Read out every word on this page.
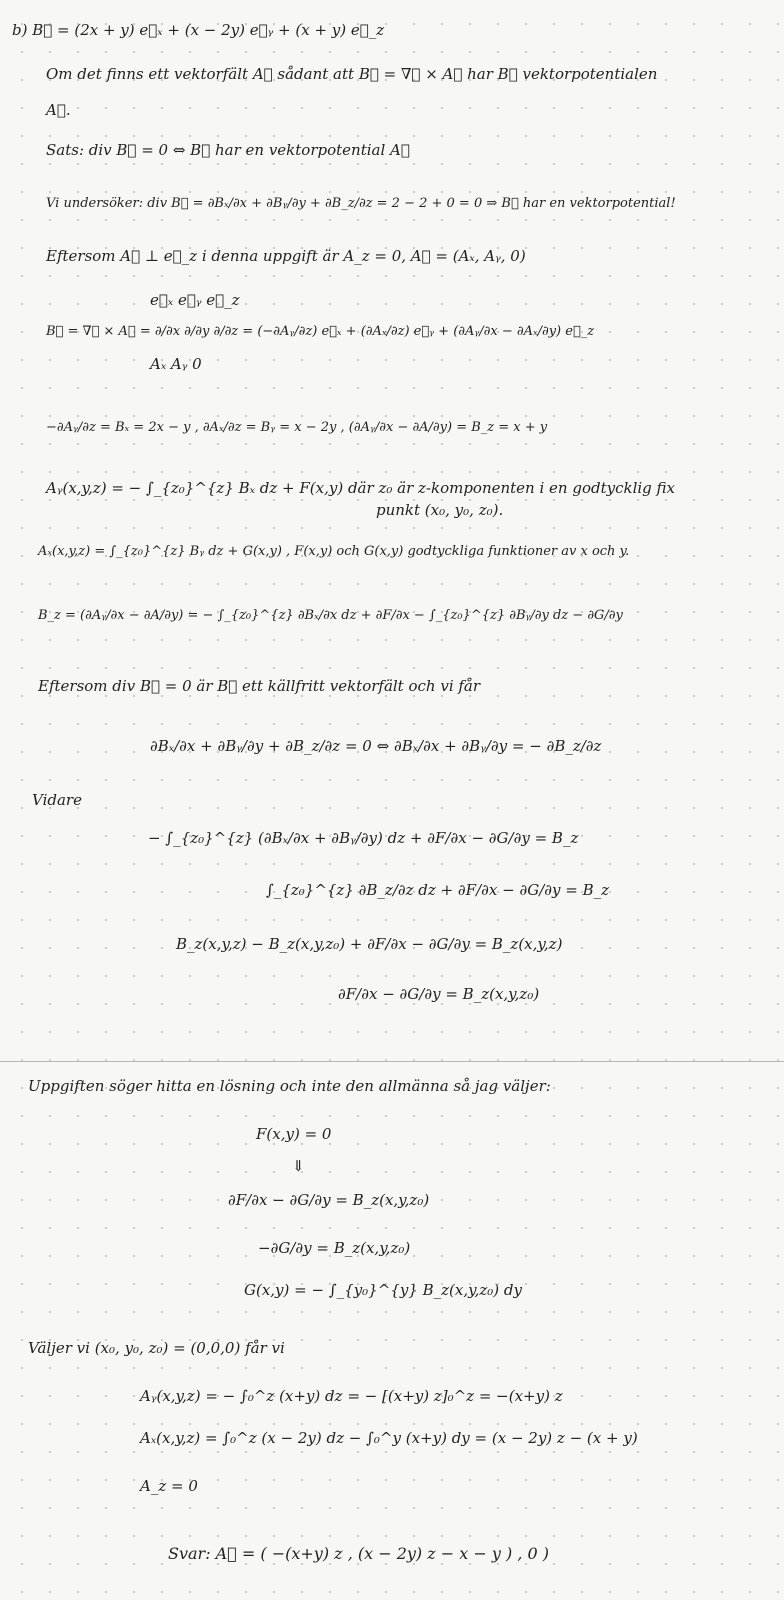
b) B⃗ = (2x + y) e⃗ₓ + (x − 2y) e⃗ᵧ + (x + y) e⃗_z
Om det finns ett vektorfält A⃗ sådant att B⃗ = ∇⃗ × A⃗ har B⃗ vektorpotentialen
A⃗.
Sats: div B⃗ = 0 ⇔ B⃗ har en vektorpotential A⃗
Vi undersöker: div B⃗ = ∂Bₓ/∂x + ∂Bᵧ/∂y + ∂B_z/∂z = 2 − 2 + 0 = 0 ⇒ B⃗ har en vektorpotential!
Eftersom A⃗ ⊥ e⃗_z i denna uppgift är A_z = 0, A⃗ = (Aₓ, Aᵧ, 0)
e⃗ₓ e⃗ᵧ e⃗_z
B⃗ = ∇⃗ × A⃗ = ∂/∂x ∂/∂y ∂/∂z = (−∂Aᵧ/∂z) e⃗ₓ + (∂Aₓ/∂z) e⃗ᵧ + (∂Aᵧ/∂x − ∂Aₓ/∂y) e⃗_z
Aₓ Aᵧ 0
−∂Aᵧ/∂z = Bₓ = 2x − y , ∂Aₓ/∂z = Bᵧ = x − 2y , (∂Aᵧ/∂x − ∂A/∂y) = B_z = x + y
Aᵧ(x,y,z) = − ∫_{z₀}^{z} Bₓ dz + F(x,y) där z₀ är z-komponenten i en godtycklig fix
punkt (x₀, y₀, z₀).
Aₓ(x,y,z) = ∫_{z₀}^{z} Bᵧ dz + G(x,y) , F(x,y) och G(x,y) godtyckliga funktioner av x och y.
B_z = (∂Aᵧ/∂x − ∂A/∂y) = − ∫_{z₀}^{z} ∂Bₓ/∂x dz + ∂F/∂x − ∫_{z₀}^{z} ∂Bᵧ/∂y dz − ∂G/∂y
Eftersom div B⃗ = 0 är B⃗ ett källfritt vektorfält och vi får
∂Bₓ/∂x + ∂Bᵧ/∂y + ∂B_z/∂z = 0 ⇔ ∂Bₓ/∂x + ∂Bᵧ/∂y = − ∂B_z/∂z
Vidare
− ∫_{z₀}^{z} (∂Bₓ/∂x + ∂Bᵧ/∂y) dz + ∂F/∂x − ∂G/∂y = B_z
∫_{z₀}^{z} ∂B_z/∂z dz + ∂F/∂x − ∂G/∂y = B_z
B_z(x,y,z) − B_z(x,y,z₀) + ∂F/∂x − ∂G/∂y = B_z(x,y,z)
∂F/∂x − ∂G/∂y = B_z(x,y,z₀)
Uppgiften söger hitta en lösning och inte den allmänna så jag väljer:
F(x,y) = 0
⇓
∂F/∂x − ∂G/∂y = B_z(x,y,z₀)
−∂G/∂y = B_z(x,y,z₀)
G(x,y) = − ∫_{y₀}^{y} B_z(x,y,z₀) dy
Väljer vi (x₀, y₀, z₀) = (0,0,0) får vi
Aᵧ(x,y,z) = − ∫₀^z (x+y) dz = − [(x+y) z]₀^z = −(x+y) z
Aₓ(x,y,z) = ∫₀^z (x − 2y) dz − ∫₀^y (x+y) dy = (x − 2y) z − (x + y)
A_z = 0
Svar: A⃗ = ( −(x+y) z , (x − 2y) z − x − y ) , 0 )
